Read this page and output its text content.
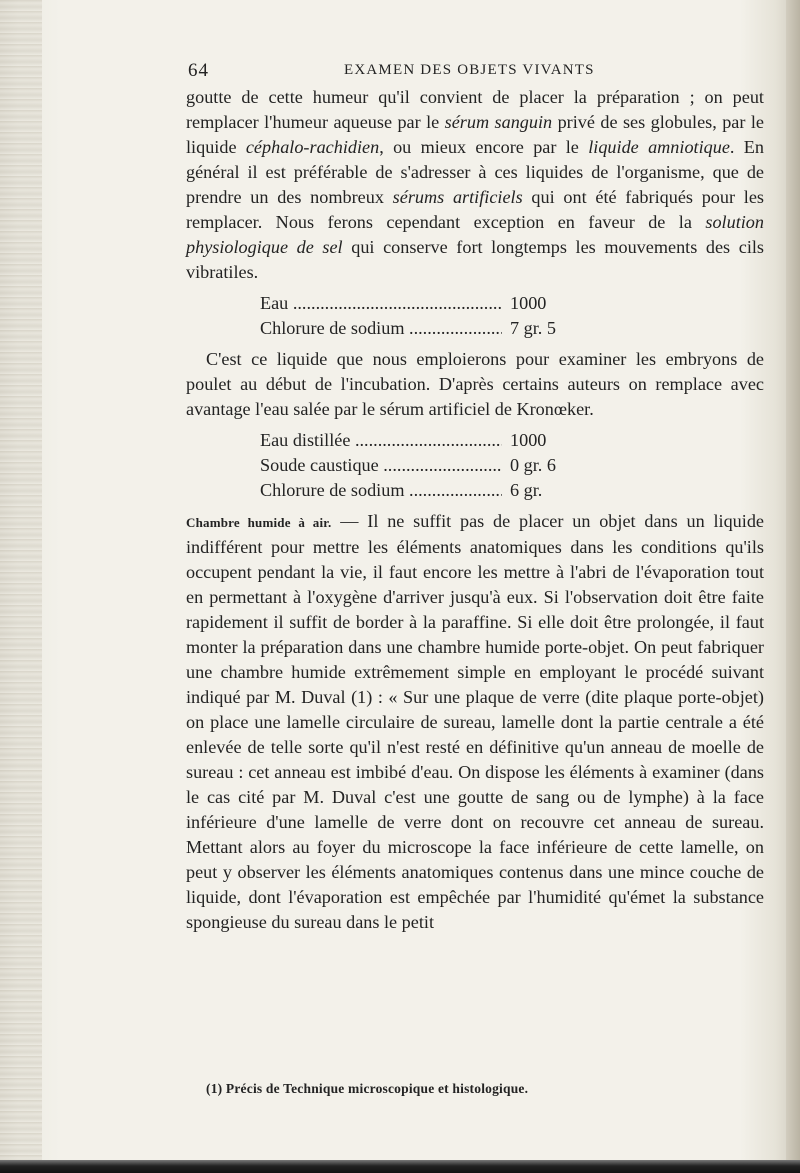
64	EXAMEN DES OBJETS VIVANTS

goutte de cette humeur qu'il convient de placer la préparation ; on peut remplacer l'humeur aqueuse par le sérum sanguin privé de ses globules, par le liquide céphalo-rachidien, ou mieux encore par le liquide amniotique. En général il est préférable de s'adresser à ces liquides de l'organisme, que de prendre un des nombreux sérums artificiels qui ont été fabriqués pour les remplacer. Nous ferons cependant exception en faveur de la solution physiologique de sel qui conserve fort longtemps les mouvements des cils vibratiles.

Eau .....	1000
Chlorure de sodium .....	7 gr. 5

C'est ce liquide que nous emploierons pour examiner les embryons de poulet au début de l'incubation. D'après certains auteurs on remplace avec avantage l'eau salée par le sérum artificiel de Kronœker.

Eau distillée .....	1000
Soude caustique .....	0 gr. 6
Chlorure de sodium .....	6 gr.

Chambre humide à air. — Il ne suffit pas de placer un objet dans un liquide indifférent pour mettre les éléments anatomiques dans les conditions qu'ils occupent pendant la vie, il faut encore les mettre à l'abri de l'évaporation tout en permettant à l'oxygène d'arriver jusqu'à eux. Si l'observation doit être faite rapidement il suffit de border à la paraffine. Si elle doit être prolongée, il faut monter la préparation dans une chambre humide porte-objet. On peut fabriquer une chambre humide extrêmement simple en employant le procédé suivant indiqué par M. Duval (1) : « Sur une plaque de verre (dite plaque porte-objet) on place une lamelle circulaire de sureau, lamelle dont la partie centrale a été enlevée de telle sorte qu'il n'est resté en définitive qu'un anneau de moelle de sureau : cet anneau est imbibé d'eau. On dispose les éléments à examiner (dans le cas cité par M. Duval c'est une goutte de sang ou de lymphe) à la face inférieure d'une lamelle de verre dont on recouvre cet anneau de sureau. Mettant alors au foyer du microscope la face inférieure de cette lamelle, on peut y observer les éléments anatomiques contenus dans une mince couche de liquide, dont l'évaporation est empêchée par l'humidité qu'émet la substance spongieuse du sureau dans le petit

(1) Précis de Technique microscopique et histologique.
